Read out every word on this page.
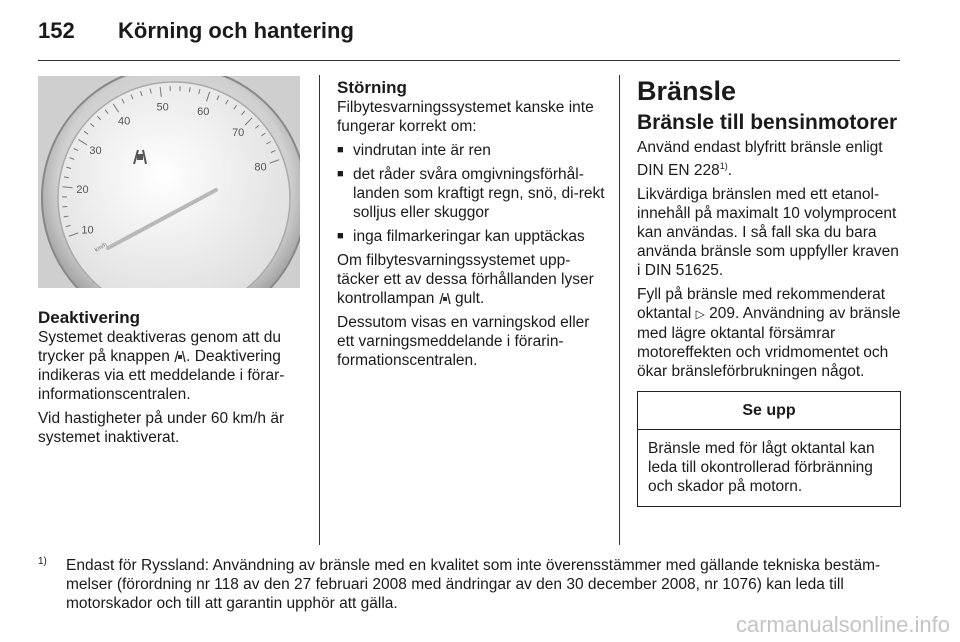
152 Körning och hantering
10
20
30
40
50	60
70
80
km/h
Deaktivering

Systemet deaktiveras genom att du trycker på knappen . Deaktivering indikeras via ett meddelande i förar-informationscentralen.

Vid hastigheter på under 60 km/h är systemet inaktiverat.

Störning

Filbytesvarningssystemet kanske inte fungerar korrekt om:

■ vindrutan inte är ren
■ det råder svåra omgivningsförhål-landen som kraftigt regn, snö, di-rekt solljus eller skuggor
■ inga filmarkeringar kan upptäckas

Om filbytesvarningssystemet upp-täcker ett av dessa förhållanden lyser kontrollampan gult.

Dessutom visas en varningskod eller ett varningsmeddelande i förarin-formationscentralen.

Bränsle
Bränsle till bensinmotorer

Använd endast blyfritt bränsle enligt DIN EN 228$^{1)}$.

Likvärdiga bränslen med ett etanol-innehåll på maximalt 10 volymprocent kan användas. I så fall ska du bara använda bränsle som uppfyller kraven i DIN 51625.

Fyll på bränsle med rekommenderat oktantal ▷ 209. Användning av bränsle med lägre oktantal försämrar motoreffekten och vridmomentet och ökar bränsleförbrukningen något.

Se upp
Bränsle med för lågt oktantal kan leda till okontrollerad förbränning och skador på motorn.
1) Endast för Ryssland: Användning av bränsle med en kvalitet som inte överensstämmer med gällande tekniska bestäm-melser (förordning nr 118 av den 27 februari 2008 med ändringar av den 30 december 2008, nr 1076) kan leda till motorskador och till att garantin upphör att gälla.
carmanualsonline.info
